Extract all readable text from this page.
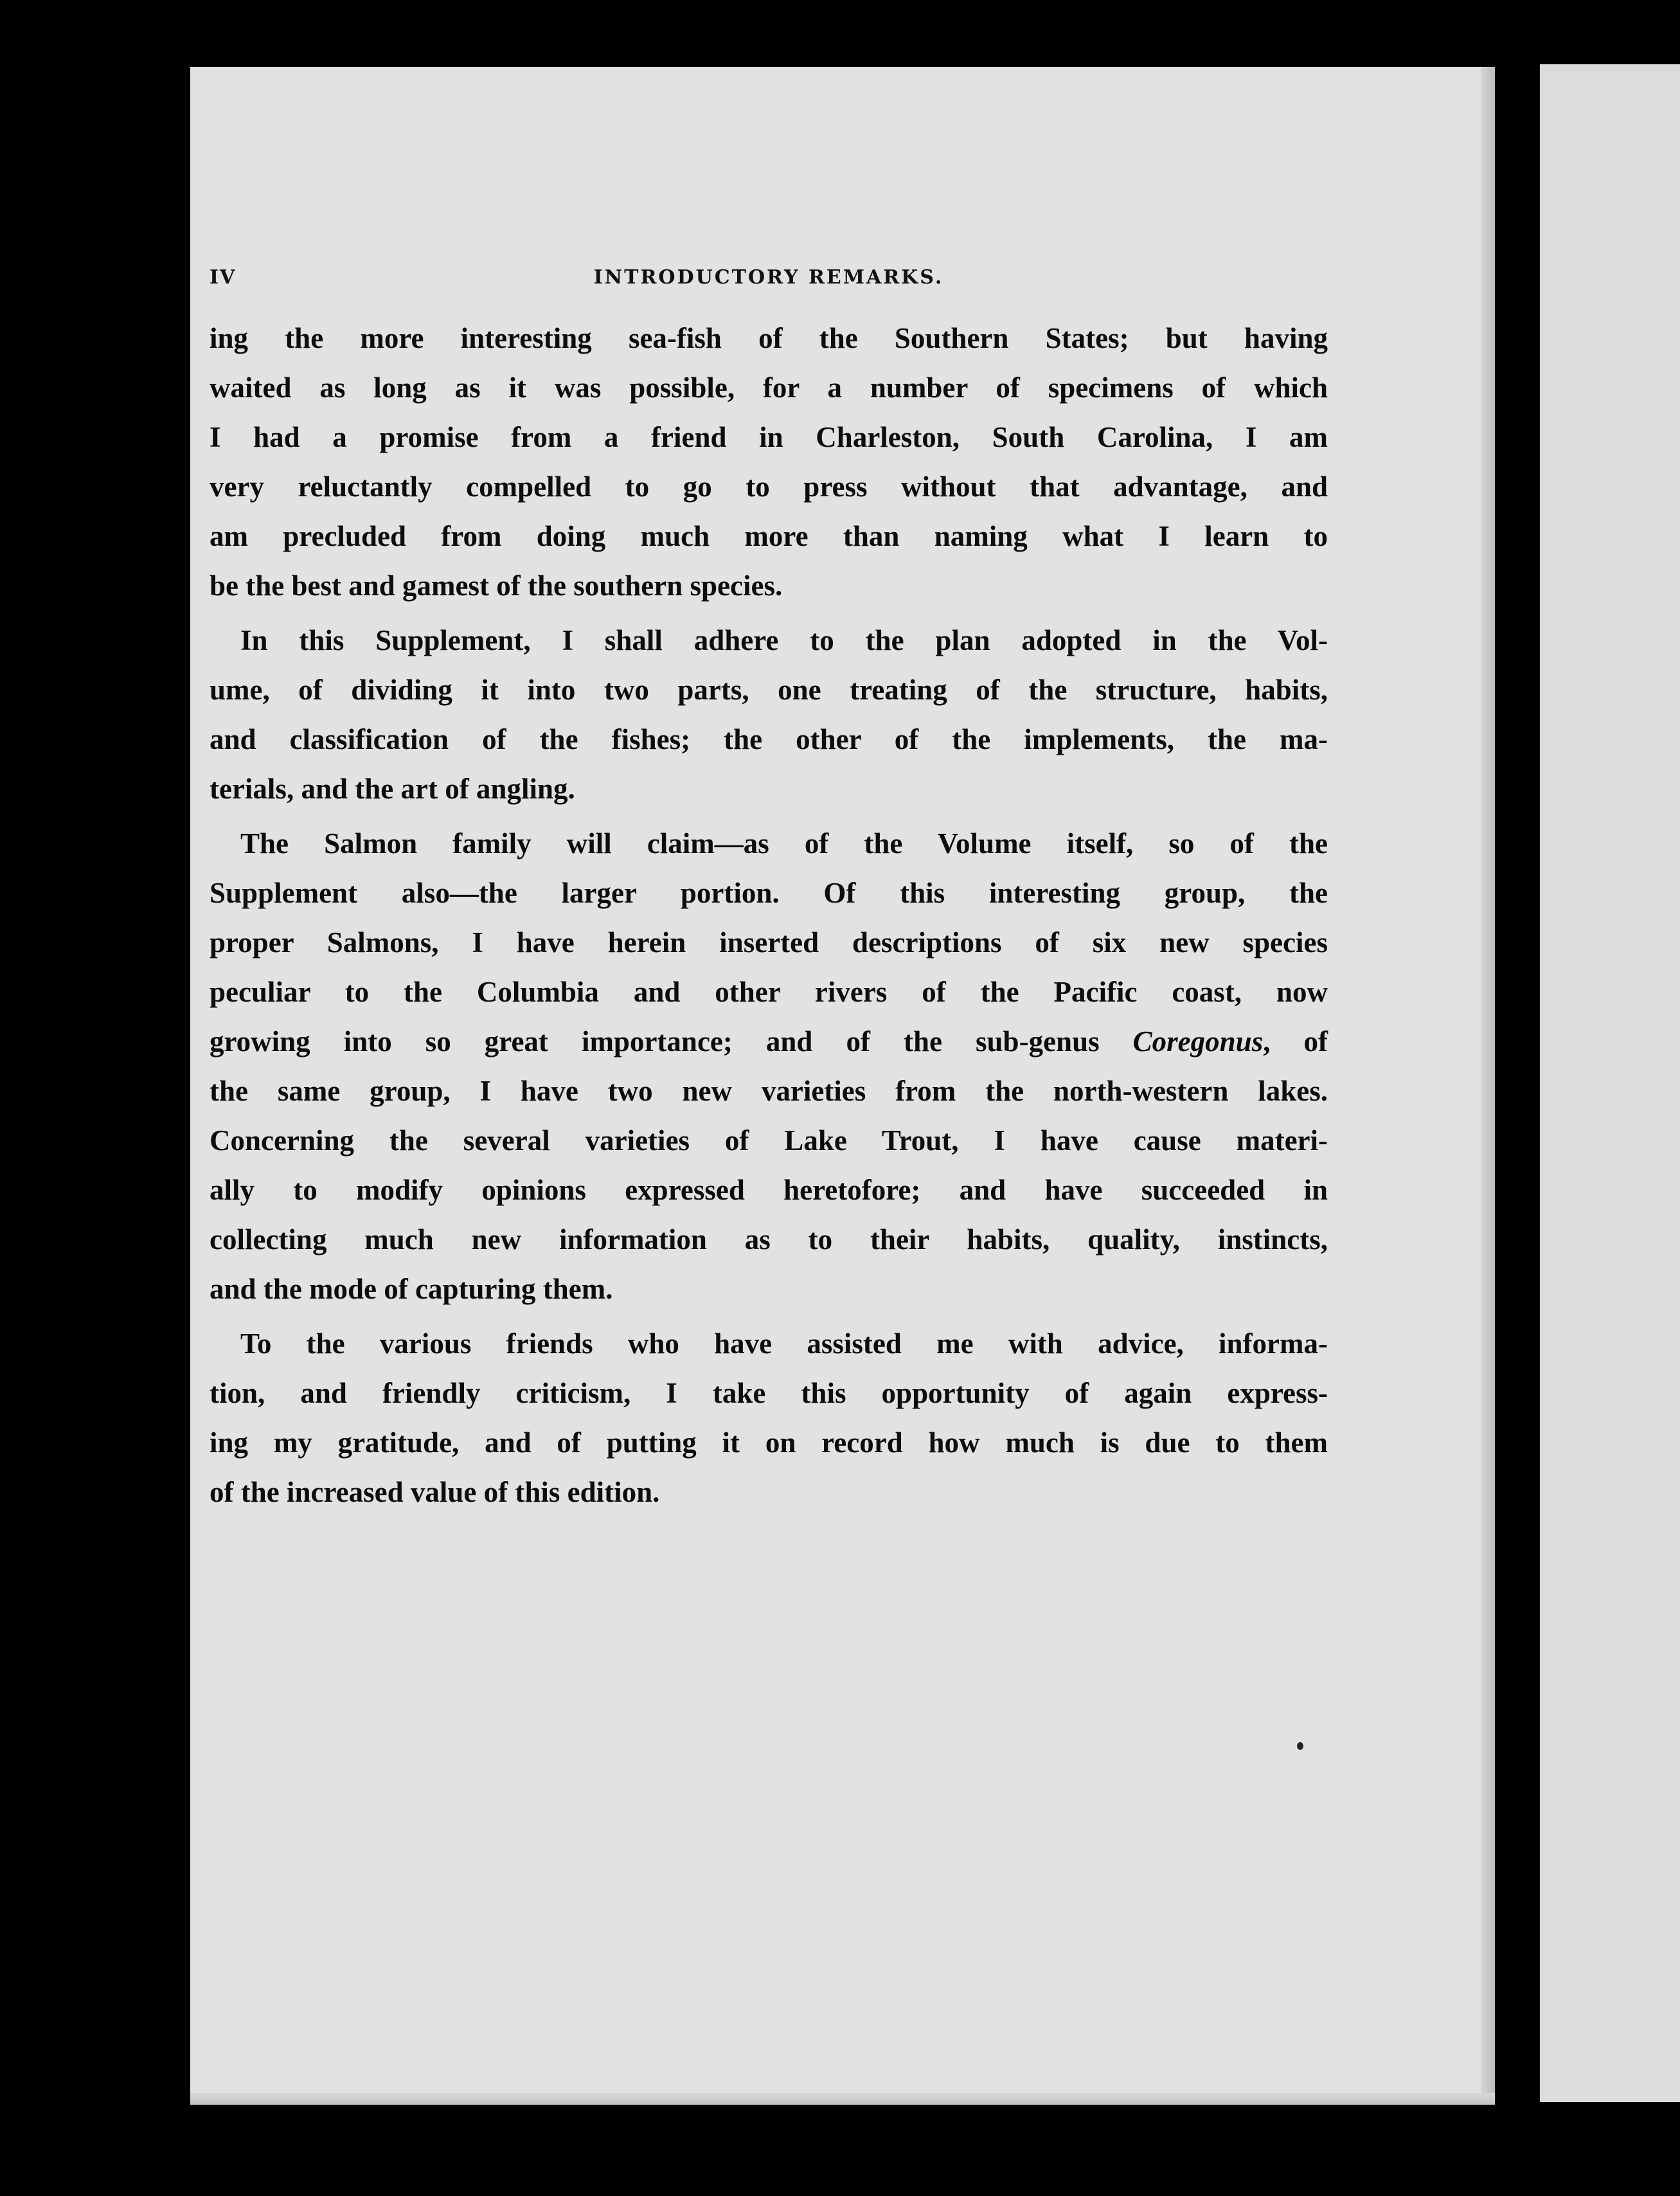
IV	INTRODUCTORY REMARKS.

ing the more interesting sea-fish of the Southern States; but having
waited as long as it was possible, for a number of specimens of which
I had a promise from a friend in Charleston, South Carolina, I am
very reluctantly compelled to go to press without that advantage, and
am precluded from doing much more than naming what I learn to
be the best and gamest of the southern species.

In this Supplement, I shall adhere to the plan adopted in the Vol-
ume, of dividing it into two parts, one treating of the structure, habits,
and classification of the fishes; the other of the implements, the ma-
terials, and the art of angling.

The Salmon family will claim—as of the Volume itself, so of the
Supplement also—the larger portion. Of this interesting group, the
proper Salmons, I have herein inserted descriptions of six new species
peculiar to the Columbia and other rivers of the Pacific coast, now
growing into so great importance; and of the sub-genus Coregonus, of
the same group, I have two new varieties from the north-western lakes.
Concerning the several varieties of Lake Trout, I have cause materi-
ally to modify opinions expressed heretofore; and have succeeded in
collecting much new information as to their habits, quality, instincts,
and the mode of capturing them.

To the various friends who have assisted me with advice, informa-
tion, and friendly criticism, I take this opportunity of again express-
ing my gratitude, and of putting it on record how much is due to them
of the increased value of this edition.
